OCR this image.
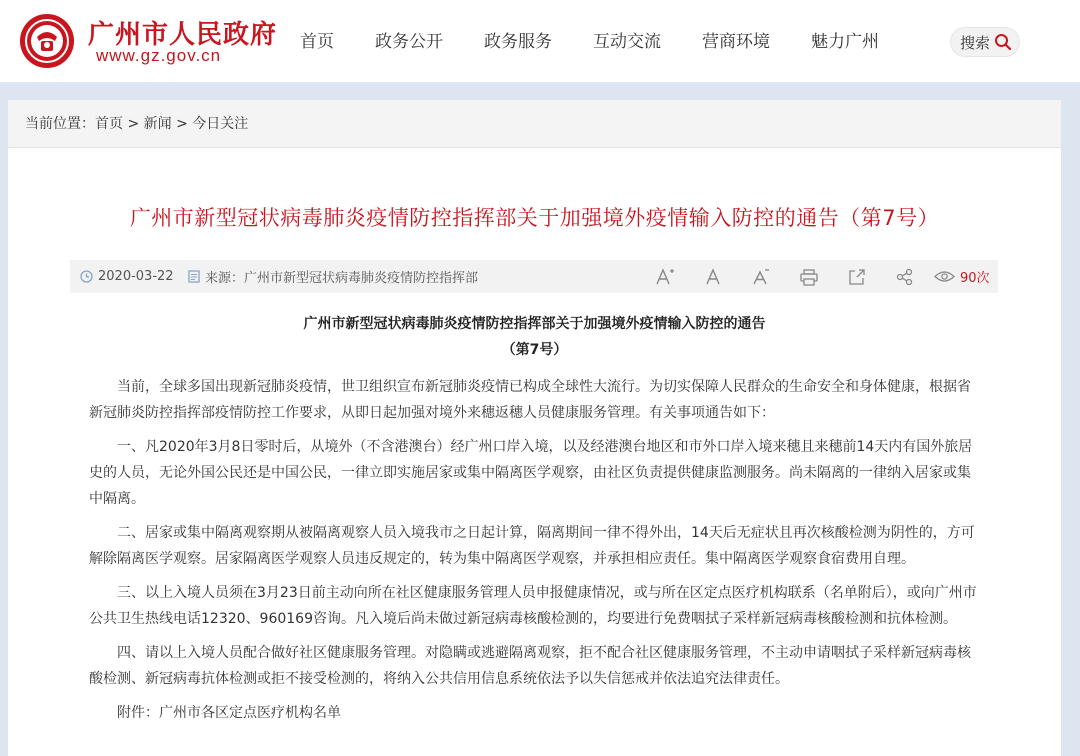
广州市人民政府
www.gz.gov.cn
首页 政务公开 政务服务 互动交流 营商环境 魅力广州	搜索
当前位置：首页 > 新闻 > 今日关注
广州市新型冠状病毒肺炎疫情防控指挥部关于加强境外疫情输入防控的通告（第7号）
2020-03-22 来源： 广州市新型冠状病毒肺炎疫情防控指挥部	90次
广州市新型冠状病毒肺炎疫情防控指挥部关于加强境外疫情输入防控的通告
（第7号）

当前，全球多国出现新冠肺炎疫情，世卫组织宣布新冠肺炎疫情已构成全球性大流行。为切实保障人民群众的生命安全和身体健康，根据省新冠肺炎防控指挥部疫情防控工作要求，从即日起加强对境外来穗返穗人员健康服务管理。有关事项通告如下：

一、凡2020年3月8日零时后，从境外（不含港澳台）经广州口岸入境，以及经港澳台地区和市外口岸入境来穗且来穗前14天内有国外旅居史的人员，无论外国公民还是中国公民，一律立即实施居家或集中隔离医学观察，由社区负责提供健康监测服务。尚未隔离的一律纳入居家或集中隔离。

二、居家或集中隔离观察期从被隔离观察人员入境我市之日起计算，隔离期间一律不得外出，14天后无症状且再次核酸检测为阴性的，方可解除隔离医学观察。居家隔离医学观察人员违反规定的，转为集中隔离医学观察，并承担相应责任。集中隔离医学观察食宿费用自理。

三、以上入境人员须在3月23日前主动向所在社区健康服务管理人员申报健康情况，或与所在区定点医疗机构联系（名单附后），或向广州市公共卫生热线电话12320、960169咨询。凡入境后尚未做过新冠病毒核酸检测的，均要进行免费咽拭子采样新冠病毒核酸检测和抗体检测。

四、请以上入境人员配合做好社区健康服务管理。对隐瞒或逃避隔离观察，拒不配合社区健康服务管理，不主动申请咽拭子采样新冠病毒核酸检测、新冠病毒抗体检测或拒不接受检测的，将纳入公共信用信息系统依法予以失信惩戒并依法追究法律责任。

附件：广州市各区定点医疗机构名单
